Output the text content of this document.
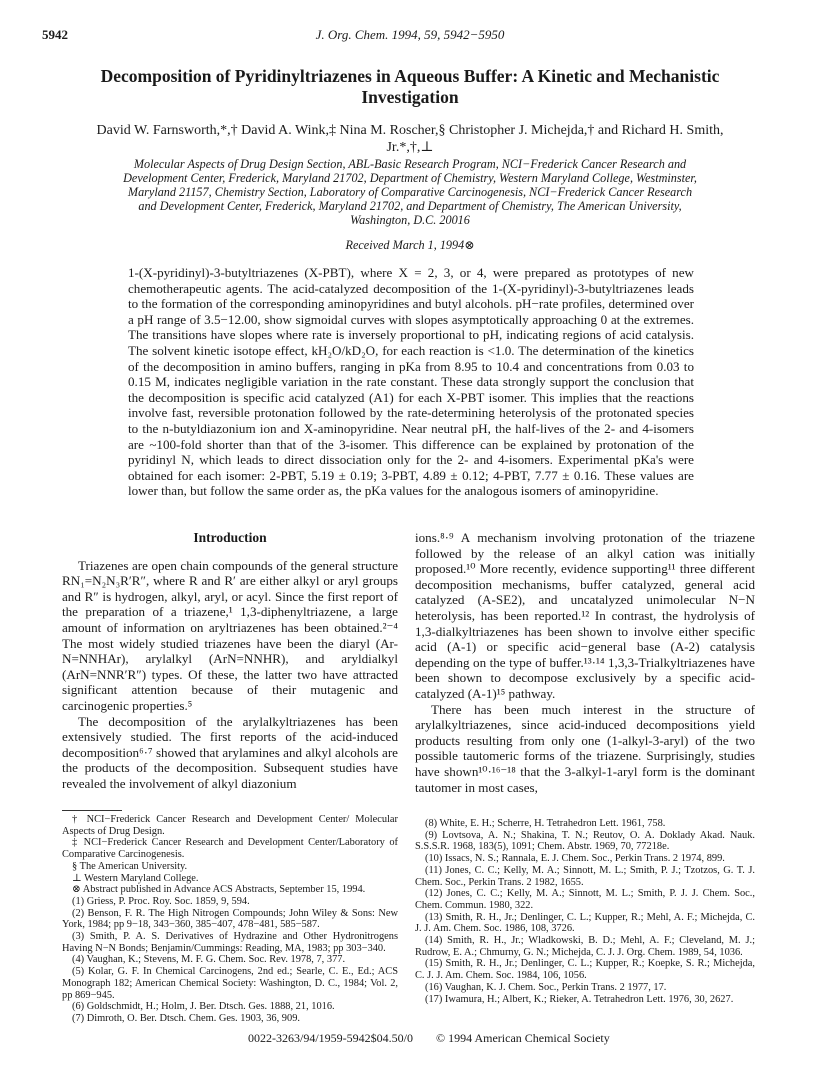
5942	J. Org. Chem. 1994, 59, 5942−5950
Decomposition of Pyridinyltriazenes in Aqueous Buffer: A Kinetic and Mechanistic Investigation
David W. Farnsworth,*,† David A. Wink,‡ Nina M. Roscher,§ Christopher J. Michejda,† and Richard H. Smith, Jr.*,†,⊥
Molecular Aspects of Drug Design Section, ABL-Basic Research Program, NCI−Frederick Cancer Research and Development Center, Frederick, Maryland 21702, Department of Chemistry, Western Maryland College, Westminster, Maryland 21157, Chemistry Section, Laboratory of Comparative Carcinogenesis, NCI−Frederick Cancer Research and Development Center, Frederick, Maryland 21702, and Department of Chemistry, The American University, Washington, D.C. 20016
Received March 1, 1994⊗

1-(X-pyridinyl)-3-butyltriazenes (X-PBT), where X = 2, 3, or 4, were prepared as prototypes of new chemotherapeutic agents. The acid-catalyzed decomposition of the 1-(X-pyridinyl)-3-butyltriazenes leads to the formation of the corresponding aminopyridines and butyl alcohols. pH−rate profiles, determined over a pH range of 3.5−12.00, show sigmoidal curves with slopes asymptotically approaching 0 at the extremes. The transitions have slopes where rate is inversely proportional to pH, indicating regions of acid catalysis. The solvent kinetic isotope effect, kH₂O/kD₂O, for each reaction is <1.0. The determination of the kinetics of the decomposition in amino buffers, ranging in pKa from 8.95 to 10.4 and concentrations from 0.03 to 0.15 M, indicates negligible variation in the rate constant. These data strongly support the conclusion that the decomposition is specific acid catalyzed (A1) for each X-PBT isomer. This implies that the reactions involve fast, reversible protonation followed by the rate-determining heterolysis of the protonated species to the n-butyldiazonium ion and X-aminopyridine. Near neutral pH, the half-lives of the 2- and 4-isomers are ~100-fold shorter than that of the 3-isomer. This difference can be explained by protonation of the pyridinyl N, which leads to direct dissociation only for the 2- and 4-isomers. Experimental pKa's were obtained for each isomer: 2-PBT, 5.19 ± 0.19; 3-PBT, 4.89 ± 0.12; 4-PBT, 7.77 ± 0.16. These values are lower than, but follow the same order as, the pKa values for the analogous isomers of aminopyridine.

Introduction

Triazenes are open chain compounds of the general structure RN₁=N₂N₃R′R″, where R and R′ are either alkyl or aryl groups and R″ is hydrogen, alkyl, aryl, or acyl. Since the first report of the preparation of a triazene,¹ 1,3-diphenyltriazene, a large amount of information on aryltriazenes has been obtained.²⁻⁴ The most widely studied triazenes have been the diaryl (Ar-N=NNHAr), arylalkyl (ArN=NNHR), and aryldialkyl (ArN=NNR′R″) types. Of these, the latter two have attracted significant attention because of their mutagenic and carcinogenic properties.⁵

The decomposition of the arylalkyltriazenes has been extensively studied. The first reports of the acid-induced decomposition⁶·⁷ showed that arylamines and alkyl alcohols are the products of the decomposition. Subsequent studies have revealed the involvement of alkyl diazonium

ions.⁸·⁹ A mechanism involving protonation of the triazene followed by the release of an alkyl cation was initially proposed.¹⁰ More recently, evidence supporting¹¹ three different decomposition mechanisms, buffer catalyzed, general acid catalyzed (A-SE2), and uncatalyzed unimolecular N−N heterolysis, has been reported.¹² In contrast, the hydrolysis of 1,3-dialkyltriazenes has been shown to involve either specific acid (A-1) or specific acid−general base (A-2) catalysis depending on the type of buffer.¹³·¹⁴ 1,3,3-Trialkyltriazenes have been shown to decompose exclusively by a specific acid-catalyzed (A-1)¹⁵ pathway.

There has been much interest in the structure of arylalkyltriazenes, since acid-induced decompositions yield products resulting from only one (1-alkyl-3-aryl) of the two possible tautomeric forms of the triazene. Surprisingly, studies have shown¹⁰·¹⁶⁻¹⁸ that the 3-alkyl-1-aryl form is the dominant tautomer in most cases,

† NCI−Frederick Cancer Research and Development Center/ Molecular Aspects of Drug Design.

‡ NCI−Frederick Cancer Research and Development Center/Laboratory of Comparative Carcinogenesis.

§ The American University.

⊥ Western Maryland College.

⊗ Abstract published in Advance ACS Abstracts, September 15, 1994.

(1) Griess, P. Proc. Roy. Soc. 1859, 9, 594.

(2) Benson, F. R. The High Nitrogen Compounds; John Wiley & Sons: New York, 1984; pp 9−18, 343−360, 385−407, 478−481, 585−587.

(3) Smith, P. A. S. Derivatives of Hydrazine and Other Hydronitrogens Having N−N Bonds; Benjamin/Cummings: Reading, MA, 1983; pp 303−340.

(4) Vaughan, K.; Stevens, M. F. G. Chem. Soc. Rev. 1978, 7, 377.

(5) Kolar, G. F. In Chemical Carcinogens, 2nd ed.; Searle, C. E., Ed.; ACS Monograph 182; American Chemical Society: Washington, D. C., 1984; Vol. 2, pp 869−945.

(6) Goldschmidt, H.; Holm, J. Ber. Dtsch. Ges. 1888, 21, 1016.

(7) Dimroth, O. Ber. Dtsch. Chem. Ges. 1903, 36, 909.

(8) White, E. H.; Scherre, H. Tetrahedron Lett. 1961, 758.

(9) Lovtsova, A. N.; Shakina, T. N.; Reutov, O. A. Doklady Akad. Nauk. S.S.S.R. 1968, 183(5), 1091; Chem. Abstr. 1969, 70, 77218e.

(10) Issacs, N. S.; Rannala, E. J. Chem. Soc., Perkin Trans. 2 1974, 899.

(11) Jones, C. C.; Kelly, M. A.; Sinnott, M. L.; Smith, P. J.; Tzotzos, G. T. J. Chem. Soc., Perkin Trans. 2 1982, 1655.

(12) Jones, C. C.; Kelly, M. A.; Sinnott, M. L.; Smith, P. J. J. Chem. Soc., Chem. Commun. 1980, 322.

(13) Smith, R. H., Jr.; Denlinger, C. L.; Kupper, R.; Mehl, A. F.; Michejda, C. J. J. Am. Chem. Soc. 1986, 108, 3726.

(14) Smith, R. H., Jr.; Wladkowski, B. D.; Mehl, A. F.; Cleveland, M. J.; Rudrow, E. A.; Chmurny, G. N.; Michejda, C. J. J. Org. Chem. 1989, 54, 1036.

(15) Smith, R. H., Jr.; Denlinger, C. L.; Kupper, R.; Koepke, S. R.; Michejda, C. J. J. Am. Chem. Soc. 1984, 106, 1056.

(16) Vaughan, K. J. Chem. Soc., Perkin Trans. 2 1977, 17.

(17) Iwamura, H.; Albert, K.; Rieker, A. Tetrahedron Lett. 1976, 30, 2627.

0022-3263/94/1959-5942$04.50/0 © 1994 American Chemical Society
